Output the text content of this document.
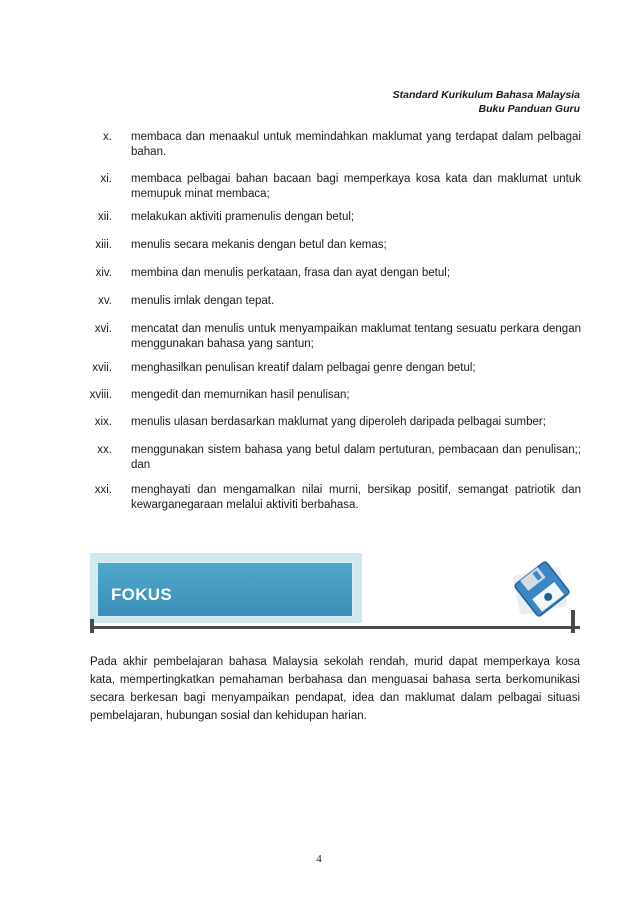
Standard Kurikulum Bahasa Malaysia
Buku Panduan Guru
x. membaca dan menaakul untuk memindahkan maklumat yang terdapat dalam pelbagai bahan.
xi. membaca pelbagai bahan bacaan bagi memperkaya kosa kata dan maklumat untuk memupuk minat membaca;
xii. melakukan aktiviti pramenulis dengan betul;
xiii. menulis secara mekanis dengan betul dan kemas;
xiv. membina dan menulis perkataan, frasa dan ayat dengan betul;
xv. menulis imlak dengan tepat.
xvi. mencatat dan menulis untuk menyampaikan maklumat tentang sesuatu perkara dengan menggunakan bahasa yang santun;
xvii. menghasilkan penulisan kreatif dalam pelbagai genre dengan betul;
xviii. mengedit dan memurnikan hasil penulisan;
xix. menulis ulasan berdasarkan maklumat yang diperoleh daripada pelbagai sumber;
xx. menggunakan sistem bahasa yang betul dalam pertuturan, pembacaan dan penulisan;; dan
xxi. menghayati dan mengamalkan nilai murni, bersikap positif, semangat patriotik dan kewarganegaraan melalui aktiviti berbahasa.
FOKUS
Pada akhir pembelajaran bahasa Malaysia sekolah rendah, murid dapat memperkaya kosa kata, mempertingkatkan pemahaman berbahasa dan menguasai bahasa serta berkomunikasi secara berkesan bagi menyampaikan pendapat, idea dan maklumat dalam pelbagai situasi pembelajaran, hubungan sosial dan kehidupan harian.
4
